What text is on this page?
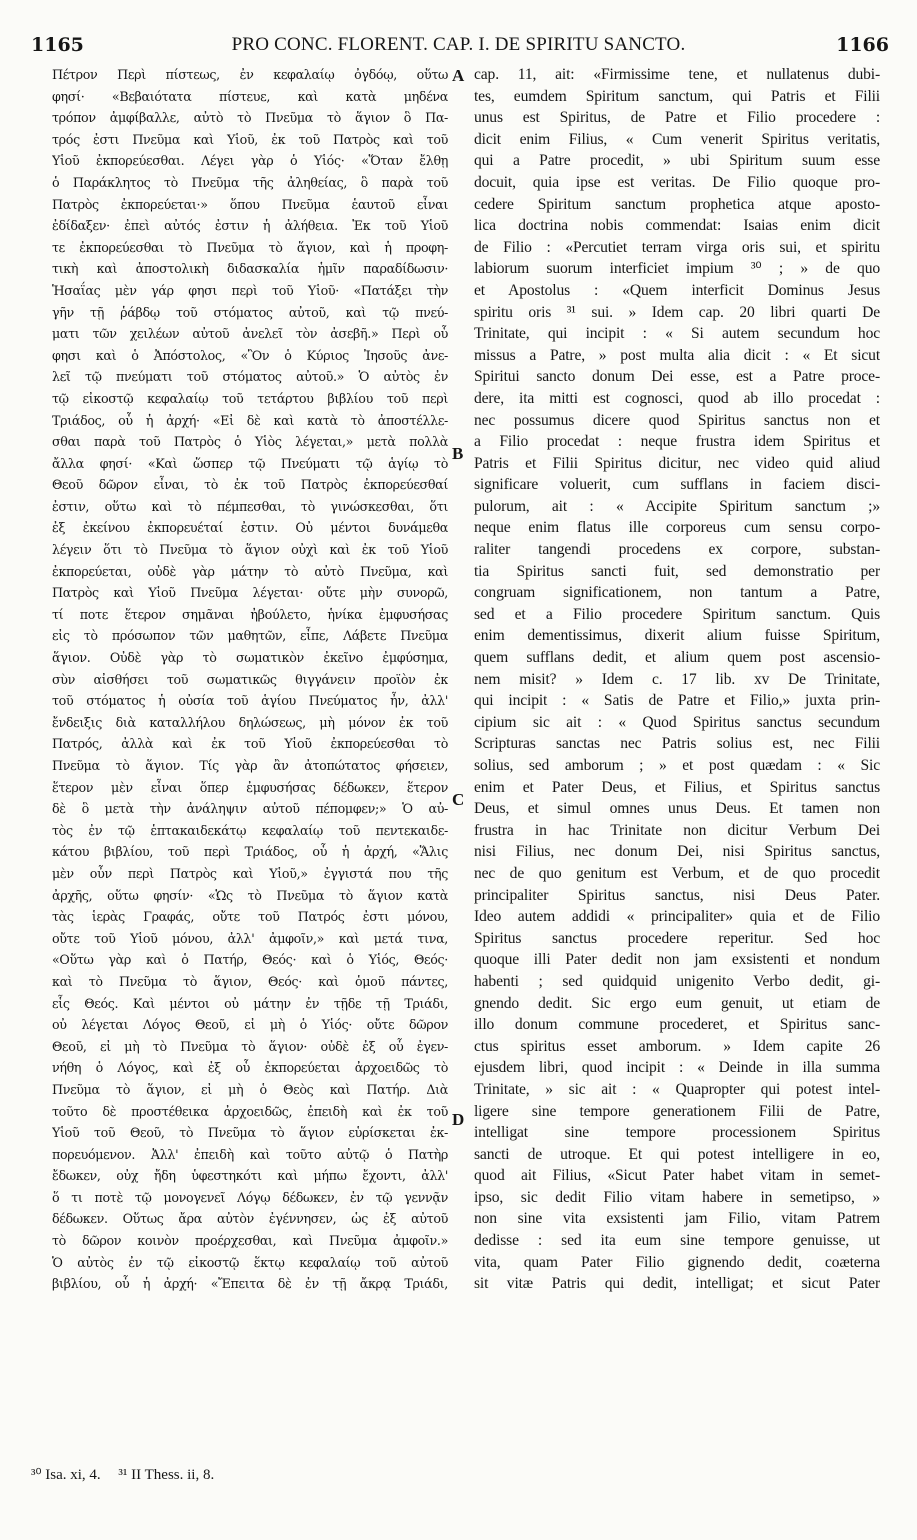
1165	PRO CONC. FLORENT. CAP. I. DE SPIRITU SANCTO.	1166
Πέτρον Περὶ πίστεως, ἐν κεφαλαίῳ ὀγδόῳ, οὕτω
φησί· «Βεβαιότατα πίστευε, καὶ κατὰ μηδένα
τρόπον ἀμφίβαλλε, αὐτὸ τὸ Πνεῦμα τὸ ἅγιον ὃ Πα-
τρός ἐστι Πνεῦμα καὶ Υἱοῦ, ἐκ τοῦ Πατρὸς καὶ τοῦ
Υἱοῦ ἐκπορεύεσθαι. Λέγει γὰρ ὁ Υἱός· «Ὅταν ἔλθῃ
ὁ Παράκλητος τὸ Πνεῦμα τῆς ἀληθείας, ὃ παρὰ τοῦ
Πατρὸς ἐκπορεύεται·» ὅπου Πνεῦμα ἑαυτοῦ εἶναι
ἐδίδαξεν· ἐπεὶ αὐτός ἐστιν ἡ ἀλήθεια. Ἐκ τοῦ Υἱοῦ
τε ἐκπορεύεσθαι τὸ Πνεῦμα τὸ ἅγιον, καὶ ἡ προφη-
τικὴ καὶ ἀποστολικὴ διδασκαλία ἡμῖν παραδίδωσιν·
Ἡσαΐας μὲν γάρ φησι περὶ τοῦ Υἱοῦ· «Πατάξει τὴν
γῆν τῇ ῥάβδῳ τοῦ στόματος αὐτοῦ, καὶ τῷ πνεύ-
ματι τῶν χειλέων αὐτοῦ ἀνελεῖ τὸν ἀσεβῆ.» Περὶ οὗ
φησι καὶ ὁ Ἀπόστολος, «Ὃν ὁ Κύριος Ἰησοῦς ἀνε-
λεῖ τῷ πνεύματι τοῦ στόματος αὐτοῦ.» Ὁ αὐτὸς ἐν
τῷ εἰκοστῷ κεφαλαίῳ τοῦ τετάρτου βιβλίου τοῦ περὶ
Τριάδος, οὗ ἡ ἀρχή· «Εἰ δὲ καὶ κατὰ τὸ ἀποστέλλε-
σθαι παρὰ τοῦ Πατρὸς ὁ Υἱὸς λέγεται,» μετὰ πολλὰ
ἄλλα φησί· «Καὶ ὥσπερ τῷ Πνεύματι τῷ ἁγίῳ τὸ
Θεοῦ δῶρον εἶναι, τὸ ἐκ τοῦ Πατρὸς ἐκπορεύεσθαί
ἐστιν, οὕτω καὶ τὸ πέμπεσθαι, τὸ γινώσκεσθαι, ὅτι
ἐξ ἐκείνου ἐκπορευέταί ἐστιν. Οὐ μέντοι δυνάμεθα
λέγειν ὅτι τὸ Πνεῦμα τὸ ἅγιον οὐχὶ καὶ ἐκ τοῦ Υἱοῦ
ἐκπορεύεται, οὐδὲ γὰρ μάτην τὸ αὐτὸ Πνεῦμα, καὶ
Πατρὸς καὶ Υἱοῦ Πνεῦμα λέγεται· οὔτε μὴν συνορῶ,
τί ποτε ἕτερον σημᾶναι ἠβούλετο, ἡνίκα ἐμφυσήσας
εἰς τὸ πρόσωπον τῶν μαθητῶν, εἶπε, Λάβετε Πνεῦμα
ἅγιον. Οὐδὲ γὰρ τὸ σωματικὸν ἐκεῖνο ἐμφύσημα,
σὺν αἰσθήσει τοῦ σωματικῶς θιγγάνειν προϊὸν ἐκ
τοῦ στόματος ἡ οὐσία τοῦ ἁγίου Πνεύματος ἦν, ἀλλ'
ἔνδειξις διὰ καταλλήλου δηλώσεως, μὴ μόνον ἐκ τοῦ
Πατρός, ἀλλὰ καὶ ἐκ τοῦ Υἱοῦ ἐκπορεύεσθαι τὸ
Πνεῦμα τὸ ἅγιον. Τίς γὰρ ἂν ἀτοπώτατος φήσειεν,
ἕτερον μὲν εἶναι ὅπερ ἐμφυσήσας δέδωκεν, ἕτερον
δὲ ὃ μετὰ τὴν ἀνάληψιν αὐτοῦ πέπομφεν;» Ὁ αὐ-
τὸς ἐν τῷ ἑπτακαιδεκάτῳ κεφαλαίῳ τοῦ πεντεκαιδε-
κάτου βιβλίου, τοῦ περὶ Τριάδος, οὗ ἡ ἀρχή, «Ἅλις
μὲν οὖν περὶ Πατρὸς καὶ Υἱοῦ,» ἐγγιστά που τῆς
ἀρχῆς, οὕτω φησίν· «Ὡς τὸ Πνεῦμα τὸ ἅγιον κατὰ
τὰς ἱερὰς Γραφάς, οὔτε τοῦ Πατρός ἐστι μόνου,
οὔτε τοῦ Υἱοῦ μόνου, ἀλλ' ἀμφοῖν,» καὶ μετά τινα,
«Οὕτω γὰρ καὶ ὁ Πατήρ, Θεός· καὶ ὁ Υἱός, Θεός·
καὶ τὸ Πνεῦμα τὸ ἅγιον, Θεός· καὶ ὁμοῦ πάντες,
εἷς Θεός. Καὶ μέντοι οὐ μάτην ἐν τῇδε τῇ Τριάδι,
οὐ λέγεται Λόγος Θεοῦ, εἰ μὴ ὁ Υἱός· οὔτε δῶρον
Θεοῦ, εἰ μὴ τὸ Πνεῦμα τὸ ἅγιον· οὐδὲ ἐξ οὗ ἐγεν-
νήθη ὁ Λόγος, καὶ ἐξ οὗ ἐκπορεύεται ἀρχοειδῶς τὸ
Πνεῦμα τὸ ἅγιον, εἰ μὴ ὁ Θεὸς καὶ Πατήρ. Διὰ
τοῦτο δὲ προστέθεικα ἀρχοειδῶς, ἐπειδὴ καὶ ἐκ τοῦ
Υἱοῦ τοῦ Θεοῦ, τὸ Πνεῦμα τὸ ἅγιον εὑρίσκεται ἐκ-
πορευόμενον. Ἀλλ' ἐπειδὴ καὶ τοῦτο αὐτῷ ὁ Πατὴρ
ἔδωκεν, οὐχ ἤδη ὑφεστηκότι καὶ μήπω ἔχοντι, ἀλλ'
ὅ τι ποτὲ τῷ μονογενεῖ Λόγῳ δέδωκεν, ἐν τῷ γεννᾷν
δέδωκεν. Οὕτως ἄρα αὐτὸν ἐγέννησεν, ὡς ἐξ αὐτοῦ
τὸ δῶρον κοινὸν προέρχεσθαι, καὶ Πνεῦμα ἀμφοῖν.»
Ὁ αὐτὸς ἐν τῷ εἰκοστῷ ἕκτῳ κεφαλαίῳ τοῦ αὐτοῦ
βιβλίου, οὗ ἡ ἀρχή· «Ἔπειτα δὲ ἐν τῇ ἄκρᾳ Τριάδι,
cap. 11, ait: «Firmissime tene, et nullatenus dubi-
tes, eumdem Spiritum sanctum, qui Patris et Filii
unus est Spiritus, de Patre et Filio procedere :
dicit enim Filius, « Cum venerit Spiritus veritatis,
qui a Patre procedit, » ubi Spiritum suum esse
docuit, quia ipse est veritas. De Filio quoque pro-
cedere Spiritum sanctum prophetica atque aposto-
lica doctrina nobis commendat: Isaias enim dicit
de Filio : «Percutiet terram virga oris sui, et spiritu
labiorum suorum interficiet impium ³⁰ ; » de quo
et Apostolus : «Quem interficit Dominus Jesus
spiritu oris ³¹ sui. » Idem cap. 20 libri quarti De
Trinitate, qui incipit : « Si autem secundum hoc
missus a Patre, » post multa alia dicit : « Et sicut
Spiritui sancto donum Dei esse, est a Patre proce-
dere, ita mitti est cognosci, quod ab illo procedat :
nec possumus dicere quod Spiritus sanctus non et
a Filio procedat : neque frustra idem Spiritus et
Patris et Filii Spiritus dicitur, nec video quid aliud
significare voluerit, cum sufflans in faciem disci-
pulorum, ait : « Accipite Spiritum sanctum ;»
neque enim flatus ille corporeus cum sensu corpo-
raliter tangendi procedens ex corpore, substan-
tia Spiritus sancti fuit, sed demonstratio per
congruam significationem, non tantum a Patre,
sed et a Filio procedere Spiritum sanctum. Quis
enim dementissimus, dixerit alium fuisse Spiritum,
quem sufflans dedit, et alium quem post ascensio-
nem misit? » Idem c. 17 lib. xv De Trinitate,
qui incipit : « Satis de Patre et Filio,» juxta prin-
cipium sic ait : « Quod Spiritus sanctus secundum
Scripturas sanctas nec Patris solius est, nec Filii
solius, sed amborum ; » et post quædam : « Sic
enim et Pater Deus, et Filius, et Spiritus sanctus
Deus, et simul omnes unus Deus. Et tamen non
frustra in hac Trinitate non dicitur Verbum Dei
nisi Filius, nec donum Dei, nisi Spiritus sanctus,
nec de quo genitum est Verbum, et de quo procedit
principaliter Spiritus sanctus, nisi Deus Pater.
Ideo autem addidi « principaliter» quia et de Filio
Spiritus sanctus procedere reperitur. Sed hoc
quoque illi Pater dedit non jam exsistenti et nondum
habenti ; sed quidquid unigenito Verbo dedit, gi-
gnendo dedit. Sic ergo eum genuit, ut etiam de
illo donum commune procederet, et Spiritus sanc-
ctus spiritus esset amborum. » Idem capite 26
ejusdem libri, quod incipit : « Deinde in illa summa
Trinitate, » sic ait : « Quapropter qui potest intel-
ligere sine tempore generationem Filii de Patre,
intelligat sine tempore processionem Spiritus
sancti de utroque. Et qui potest intelligere in eo,
quod ait Filius, «Sicut Pater habet vitam in semet-
ipso, sic dedit Filio vitam habere in semetipso, »
non sine vita exsistenti jam Filio, vitam Patrem
dedisse : sed ita eum sine tempore genuisse, ut
vita, quam Pater Filio gignendo dedit, coæterna
sit vitæ Patris qui dedit, intelligat; et sicut Pater
A
B
C
D
³⁰ Isa. xi, 4. ³¹ II Thess. ii, 8.
